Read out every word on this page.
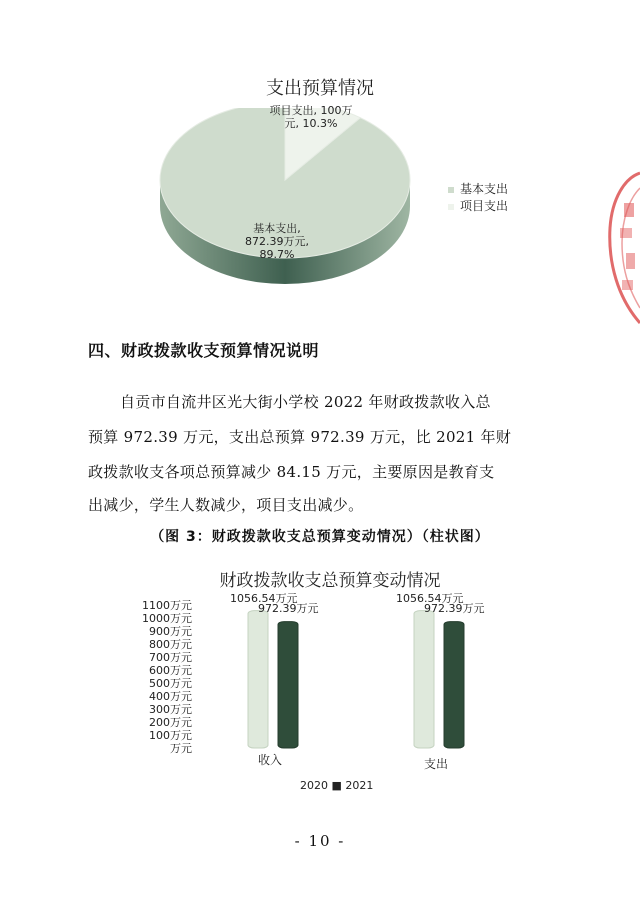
支出预算情况
项目支出, 100万
元, 10.3%
基本支出,
872.39万元,
89.7%
基本支出
项目支出
四、财政拨款收支预算情况说明
自贡市自流井区光大街小学校 2022 年财政拨款收入总
预算 972.39 万元，支出总预算 972.39 万元，比 2021 年财
政拨款收支各项总预算减少 84.15 万元，主要原因是教育支
出减少，学生人数减少，项目支出减少。
（图 3：财政拨款收支总预算变动情况）（柱状图）
财政拨款收支总预算变动情况
1100万元
1000万元
900万元
800万元
700万元
600万元
500万元
400万元
300万元
200万元
100万元
万元
1056.54万元
972.39万元
1056.54万元
972.39万元
收入	支出
2020 ■ 2021
- 10 -
